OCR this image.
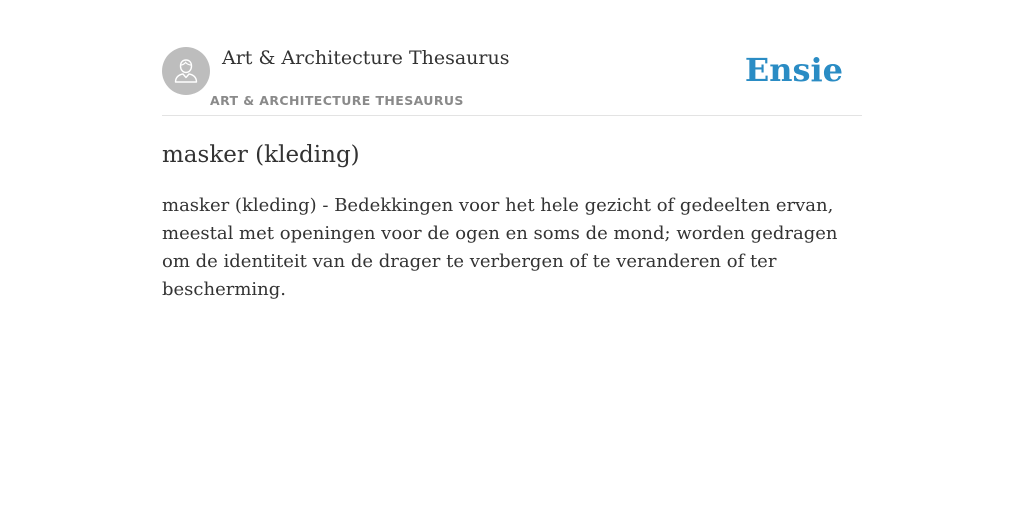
Art & Architecture Thesaurus
ART & ARCHITECTURE THESAURUS
Ensie
masker (kleding)

masker (kleding) - Bedekkingen voor het hele gezicht of gedeelten ervan, meestal met openingen voor de ogen en soms de mond; worden gedragen om de identiteit van de drager te verbergen of te veranderen of ter bescherming.
